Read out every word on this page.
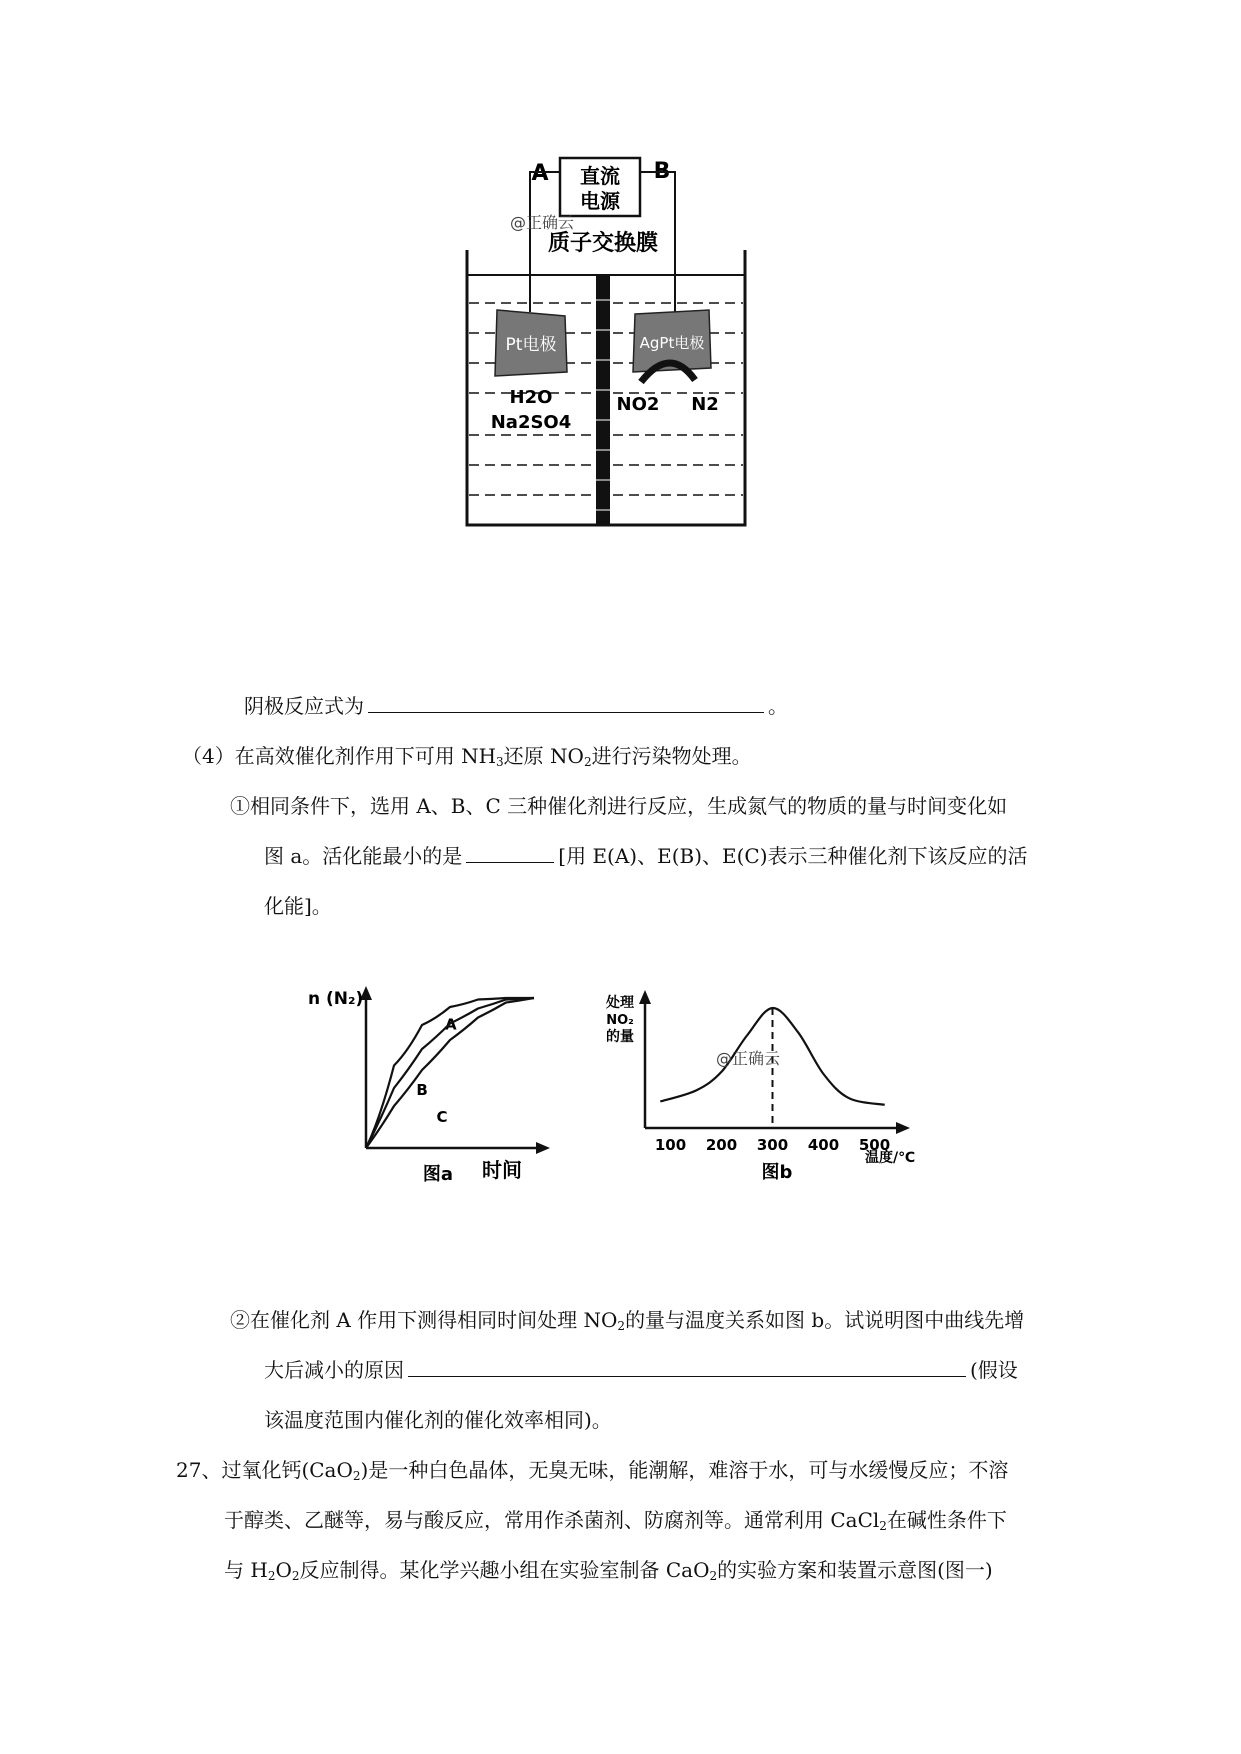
直流
电源
A	B
质子交换膜
Pt电极	AgPt电极
H2O
Na2SO4
NO2 N2
@正确云
阴极反应式为	。
（4）在高效催化剂作用下可用 $NH_3$还原 $NO_2$进行污染物处理。
①相同条件下，选用 A、B、C 三种催化剂进行反应，生成氮气的物质的量与时间变化如
图 a。活化能最小的是	[用 E(A)、E(B)、E(C)表示三种催化剂下该反应的活
化能]。
n (N₂)
图a 时间
A
B
C
处理
NO₂
的量
温度/℃
图b
100 200 300 400 500
@正确云
②在催化剂 A 作用下测得相同时间处理 $NO_2$的量与温度关系如图 b。试说明图中曲线先增
大后减小的原因	(假设
该温度范围内催化剂的催化效率相同)。
27、过氧化钙(CaO$_2$)是一种白色晶体，无臭无味，能潮解，难溶于水，可与水缓慢反应；不溶
于醇类、乙醚等，易与酸反应，常用作杀菌剂、防腐剂等。通常利用 CaCl$_2$在碱性条件下
与 $H_2O_2$反应制得。某化学兴趣小组在实验室制备 CaO$_2$的实验方案和装置示意图(图一)
